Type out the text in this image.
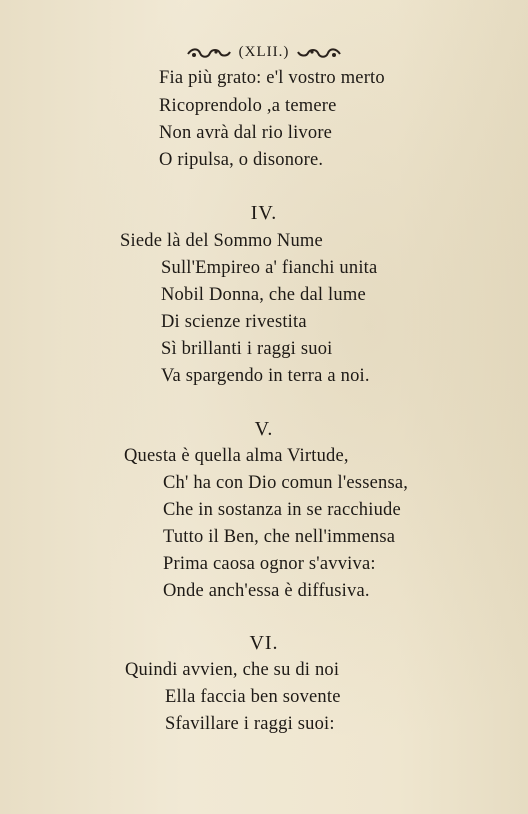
(XLII.)
Fia più grato: e'l vostro merto
Ricoprendolo ,a temere
Non avrà dal rio livore
O ripulsa, o disonore.
IV.
Siede là del Sommo Nume
Sull'Empireo a' fianchi unita
Nobil Donna, che dal lume
Di scienze rivestita
Sì brillanti i raggi suoi
Va spargendo in terra a noi.
V.
Questa è quella alma Virtude,
Ch' ha con Dio comun l'essensa,
Che in sostanza in se racchiude
Tutto il Ben, che nell'immensa
Prima caosa ognor s'avviva:
Onde anch'essa è diffusiva.
VI.
Quindi avvien, che su di noi
Ella faccia ben sovente
Sfavillare i raggi suoi:
